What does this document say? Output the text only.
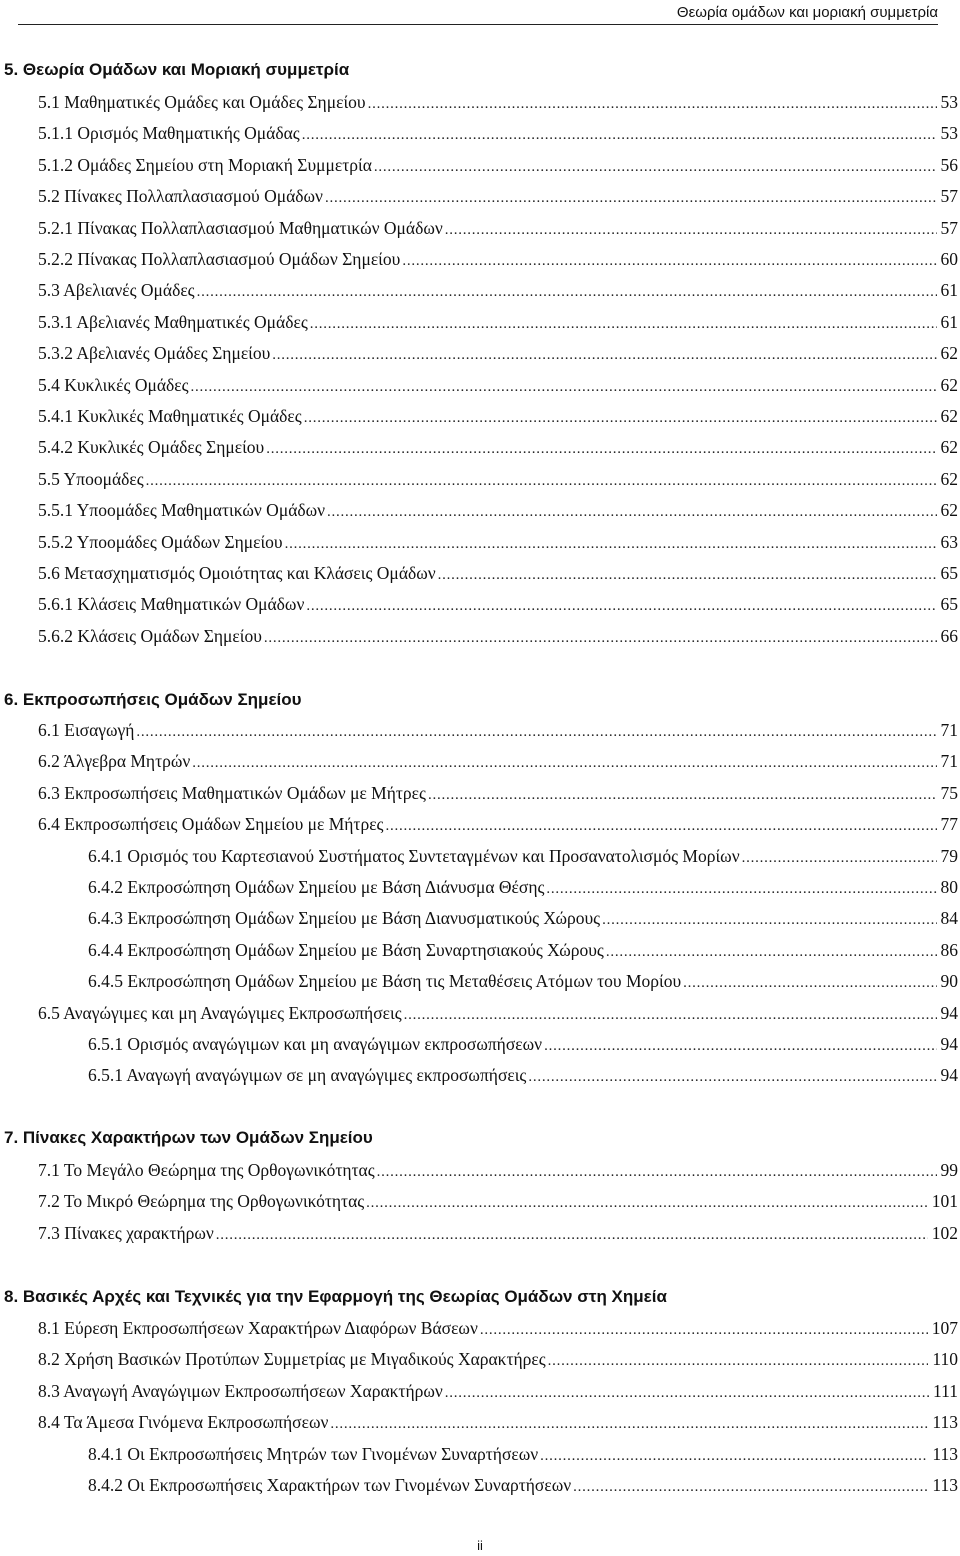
Θεωρία ομάδων και μοριακή συμμετρία
5. Θεωρία Ομάδων και Μοριακή συμμετρία
5.1 Μαθηματικές Ομάδες και Ομάδες Σημείου . . .	53
5.1.1 Ορισμός Μαθηματικής Ομάδας . . .	53
5.1.2 Ομάδες Σημείου στη Μοριακή Συμμετρία . . .	56
5.2 Πίνακες Πολλαπλασιασμού Ομάδων . . .	57
5.2.1 Πίνακας Πολλαπλασιασμού Μαθηματικών Ομάδων . . .	57
5.2.2 Πίνακας Πολλαπλασιασμού Ομάδων Σημείου . . .	60
5.3 Αβελιανές Ομάδες . . .	61
5.3.1 Αβελιανές Μαθηματικές Ομάδες . . .	61
5.3.2 Αβελιανές Ομάδες Σημείου . . .	62
5.4 Κυκλικές Ομάδες . . .	62
5.4.1 Κυκλικές Μαθηματικές Ομάδες . . .	62
5.4.2 Κυκλικές Ομάδες Σημείου . . .	62
5.5 Υποομάδες . . .	62
5.5.1 Υποομάδες Μαθηματικών Ομάδων . . .	62
5.5.2 Υποομάδες Ομάδων Σημείου . . .	63
5.6 Μετασχηματισμός Ομοιότητας και Κλάσεις Ομάδων . . .	65
5.6.1 Κλάσεις Μαθηματικών Ομάδων . . .	65
5.6.2 Κλάσεις Ομάδων Σημείου . . .	66
6. Εκπροσωπήσεις Ομάδων Σημείου
6.1 Εισαγωγή . . .	71
6.2 Άλγεβρα Μητρών . . .	71
6.3 Εκπροσωπήσεις Μαθηματικών Ομάδων με Μήτρες . . .	75
6.4 Εκπροσωπήσεις Ομάδων Σημείου με Μήτρες . . .	77
6.4.1 Ορισμός του Καρτεσιανού Συστήματος Συντεταγμένων και Προσανατολισμός Μορίων . . .	79
6.4.2 Εκπροσώπηση Ομάδων Σημείου με Βάση Διάνυσμα Θέσης . . .	80
6.4.3 Εκπροσώπηση Ομάδων Σημείου με Βάση Διανυσματικούς Χώρους . . .	84
6.4.4 Εκπροσώπηση Ομάδων Σημείου με Βάση Συναρτησιακούς Χώρους . . .	86
6.4.5 Εκπροσώπηση Ομάδων Σημείου με Βάση τις Μεταθέσεις Ατόμων του Μορίου . . .	90
6.5 Αναγώγιμες και μη Αναγώγιμες Εκπροσωπήσεις . . .	94
6.5.1 Ορισμός αναγώγιμων και μη αναγώγιμων εκπροσωπήσεων . . .	94
6.5.1 Αναγωγή αναγώγιμων σε μη αναγώγιμες εκπροσωπήσεις . . .	94
7. Πίνακες Χαρακτήρων των Ομάδων Σημείου
7.1 Το Μεγάλο Θεώρημα της Ορθογωνικότητας . . .	99
7.2 Το Μικρό Θεώρημα της Ορθογωνικότητας . . .	101
7.3 Πίνακες χαρακτήρων . . .	102
8. Βασικές Αρχές και Τεχνικές για την Εφαρμογή της Θεωρίας Ομάδων στη Χημεία
8.1 Εύρεση Εκπροσωπήσεων Χαρακτήρων Διαφόρων Βάσεων . . .	107
8.2 Χρήση Βασικών Προτύπων Συμμετρίας με Μιγαδικούς Χαρακτήρες . . .	110
8.3 Αναγωγή Αναγώγιμων Εκπροσωπήσεων Χαρακτήρων . . .	111
8.4 Τα Άμεσα Γινόμενα Εκπροσωπήσεων . . .	113
8.4.1 Οι Εκπροσωπήσεις Μητρών των Γινομένων Συναρτήσεων . . .	113
8.4.2 Οι Εκπροσωπήσεις Χαρακτήρων των Γινομένων Συναρτήσεων . . .	113
ii
